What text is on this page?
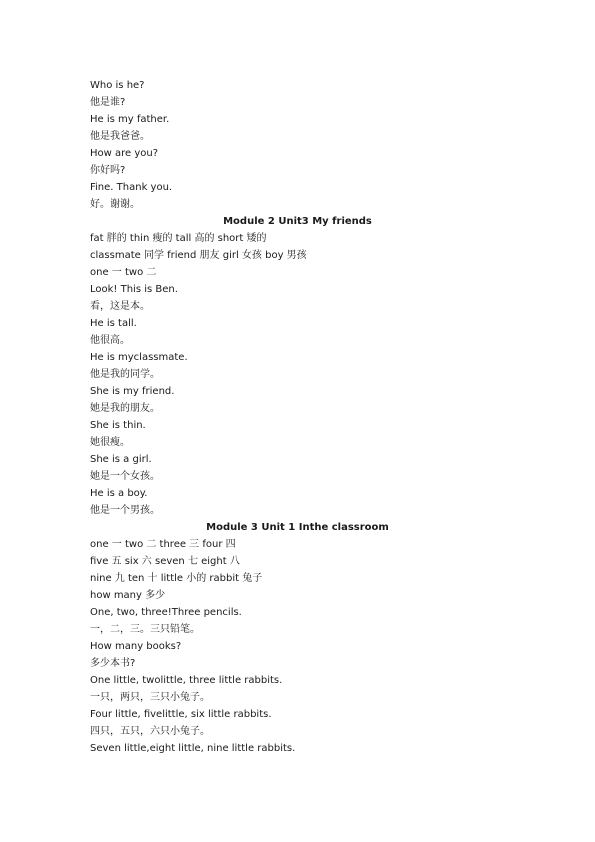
Who is he?
他是谁?
He is my father.
他是我爸爸。
How are you?
你好吗?
Fine. Thank you.
好。谢谢。
Module 2 Unit3 My friends
fat 胖的 thin 瘦的 tall 高的 short 矮的
classmate 同学 friend 朋友 girl 女孩 boy 男孩
one 一 two 二
Look! This is Ben.
看，这是本。
He is tall.
他很高。
He is myclassmate.
他是我的同学。
She is my friend.
她是我的朋友。
She is thin.
她很瘦。
She is a girl.
她是一个女孩。
He is a boy.
他是一个男孩。
Module 3 Unit 1 Inthe classroom
one 一 two 二 three 三 four 四
five 五 six 六 seven 七 eight 八
nine 九 ten 十 little 小的 rabbit 兔子
how many 多少
One, two, three!Three pencils.
一，二，三。三只铅笔。
How many books?
多少本书?
One little, twolittle, three little rabbits.
一只，两只，三只小兔子。
Four little, fivelittle, six little rabbits.
四只，五只，六只小兔子。
Seven little,eight little, nine little rabbits.
